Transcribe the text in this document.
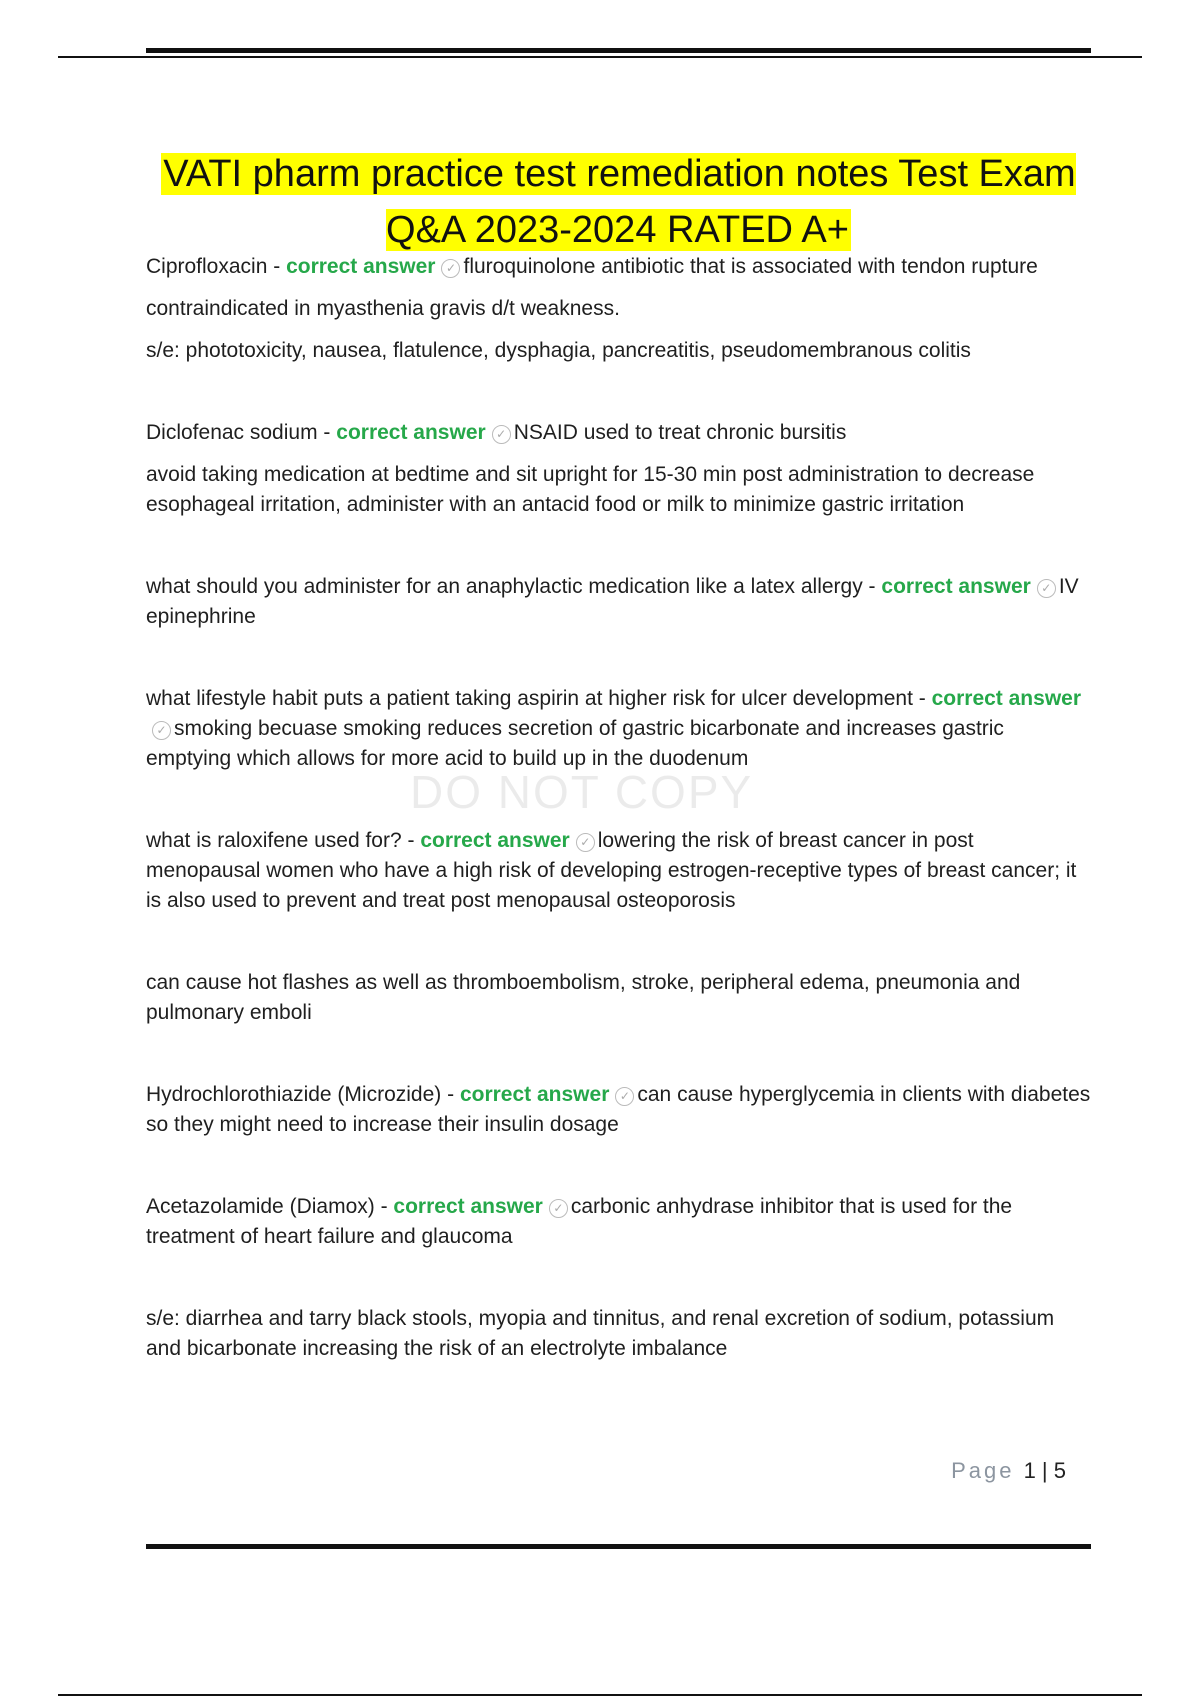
DO NOT COPY
VATI pharm practice test remediation notes Test Exam Q&A 2023-2024 RATED A+

Ciprofloxacin - correct answer ✓ fluroquinolone antibiotic that is associated with tendon rupture

contraindicated in myasthenia gravis d/t weakness.

s/e: phototoxicity, nausea, flatulence, dysphagia, pancreatitis, pseudomembranous colitis

Diclofenac sodium - correct answer ✓ NSAID used to treat chronic bursitis

avoid taking medication at bedtime and sit upright for 15-30 min post administration to decrease esophageal irritation, administer with an antacid food or milk to minimize gastric irritation

what should you administer for an anaphylactic medication like a latex allergy - correct answer ✓ IV epinephrine

what lifestyle habit puts a patient taking aspirin at higher risk for ulcer development - correct answer✓ smoking becuase smoking reduces secretion of gastric bicarbonate and increases gastric emptying which allows for more acid to build up in the duodenum

what is raloxifene used for? - correct answer ✓ lowering the risk of breast cancer in post menopausal women who have a high risk of developing estrogen-receptive types of breast cancer; it is also used to prevent and treat post menopausal osteoporosis

can cause hot flashes as well as thromboembolism, stroke, peripheral edema, pneumonia and pulmonary emboli

Hydrochlorothiazide (Microzide) - correct answer ✓ can cause hyperglycemia in clients with diabetes so they might need to increase their insulin dosage

Acetazolamide (Diamox) - correct answer ✓ carbonic anhydrase inhibitor that is used for the treatment of heart failure and glaucoma

s/e: diarrhea and tarry black stools, myopia and tinnitus, and renal excretion of sodium, potassium and bicarbonate increasing the risk of an electrolyte imbalance

Page 1 | 5
